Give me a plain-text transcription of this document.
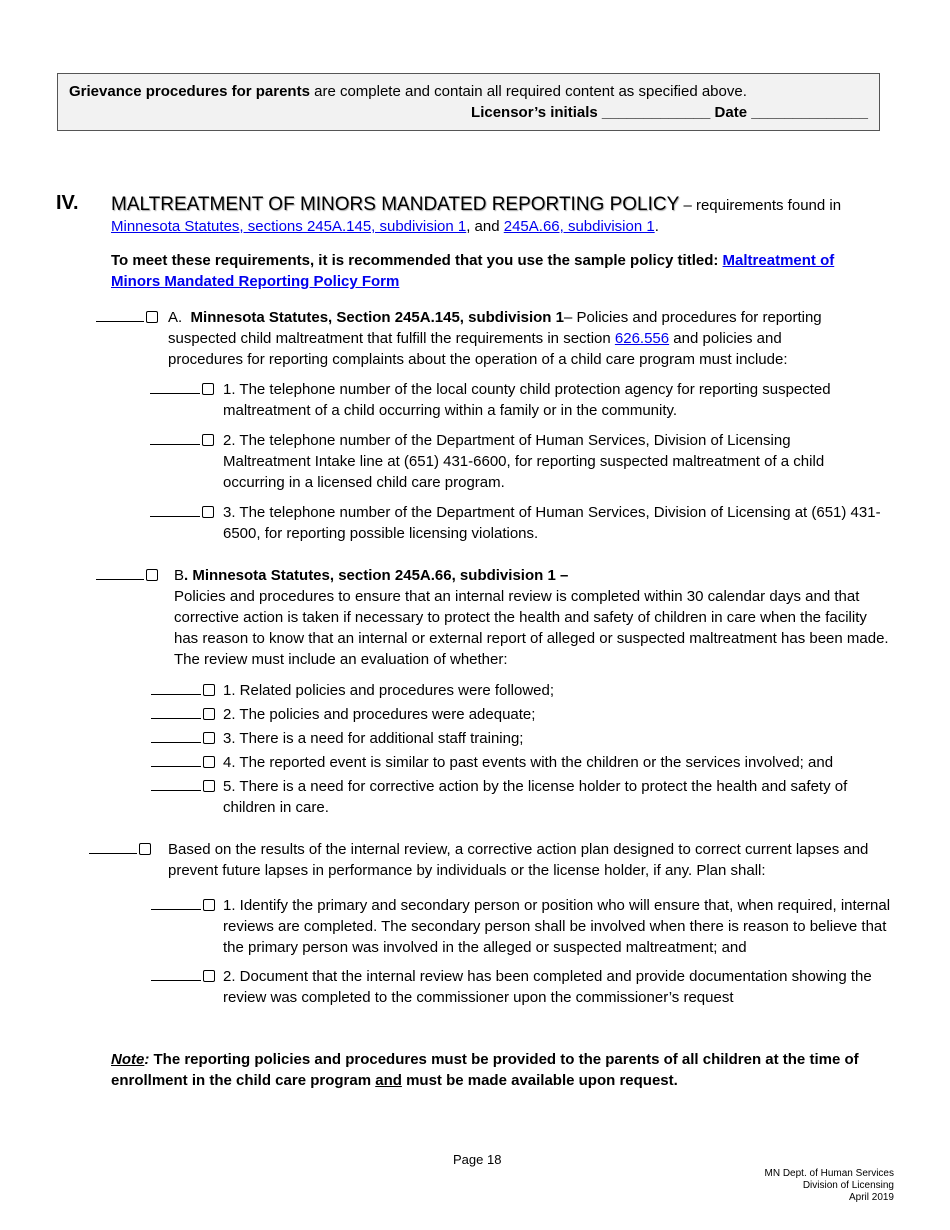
Grievance procedures for parents are complete and contain all required content as specified above.
Licensor’s initials _____________ Date ______________
IV. MALTREATMENT OF MINORS MANDATED REPORTING POLICY – requirements found in Minnesota Statutes, sections 245A.145, subdivision 1, and 245A.66, subdivision 1.
To meet these requirements, it is recommended that you use the sample policy titled: Maltreatment of Minors Mandated Reporting Policy Form
A. Minnesota Statutes, Section 245A.145, subdivision 1 – Policies and procedures for reporting suspected child maltreatment that fulfill the requirements in section 626.556 and policies and procedures for reporting complaints about the operation of a child care program must include:
1. The telephone number of the local county child protection agency for reporting suspected maltreatment of a child occurring within a family or in the community.
2. The telephone number of the Department of Human Services, Division of Licensing Maltreatment Intake line at (651) 431-6600, for reporting suspected maltreatment of a child occurring in a licensed child care program.
3. The telephone number of the Department of Human Services, Division of Licensing at (651) 431-6500, for reporting possible licensing violations.
B. Minnesota Statutes, section 245A.66, subdivision 1 –
Policies and procedures to ensure that an internal review is completed within 30 calendar days and that corrective action is taken if necessary to protect the health and safety of children in care when the facility has reason to know that an internal or external report of alleged or suspected maltreatment has been made. The review must include an evaluation of whether:
1. Related policies and procedures were followed;
2. The policies and procedures were adequate;
3. There is a need for additional staff training;
4. The reported event is similar to past events with the children or the services involved; and
5. There is a need for corrective action by the license holder to protect the health and safety of children in care.
Based on the results of the internal review, a corrective action plan designed to correct current lapses and prevent future lapses in performance by individuals or the license holder, if any. Plan shall:
1. Identify the primary and secondary person or position who will ensure that, when required, internal reviews are completed. The secondary person shall be involved when there is reason to believe that the primary person was involved in the alleged or suspected maltreatment; and
2. Document that the internal review has been completed and provide documentation showing the review was completed to the commissioner upon the commissioner’s request
Note: The reporting policies and procedures must be provided to the parents of all children at the time of enrollment in the child care program and must be made available upon request.
Page 18
MN Dept. of Human Services
Division of Licensing
April 2019
